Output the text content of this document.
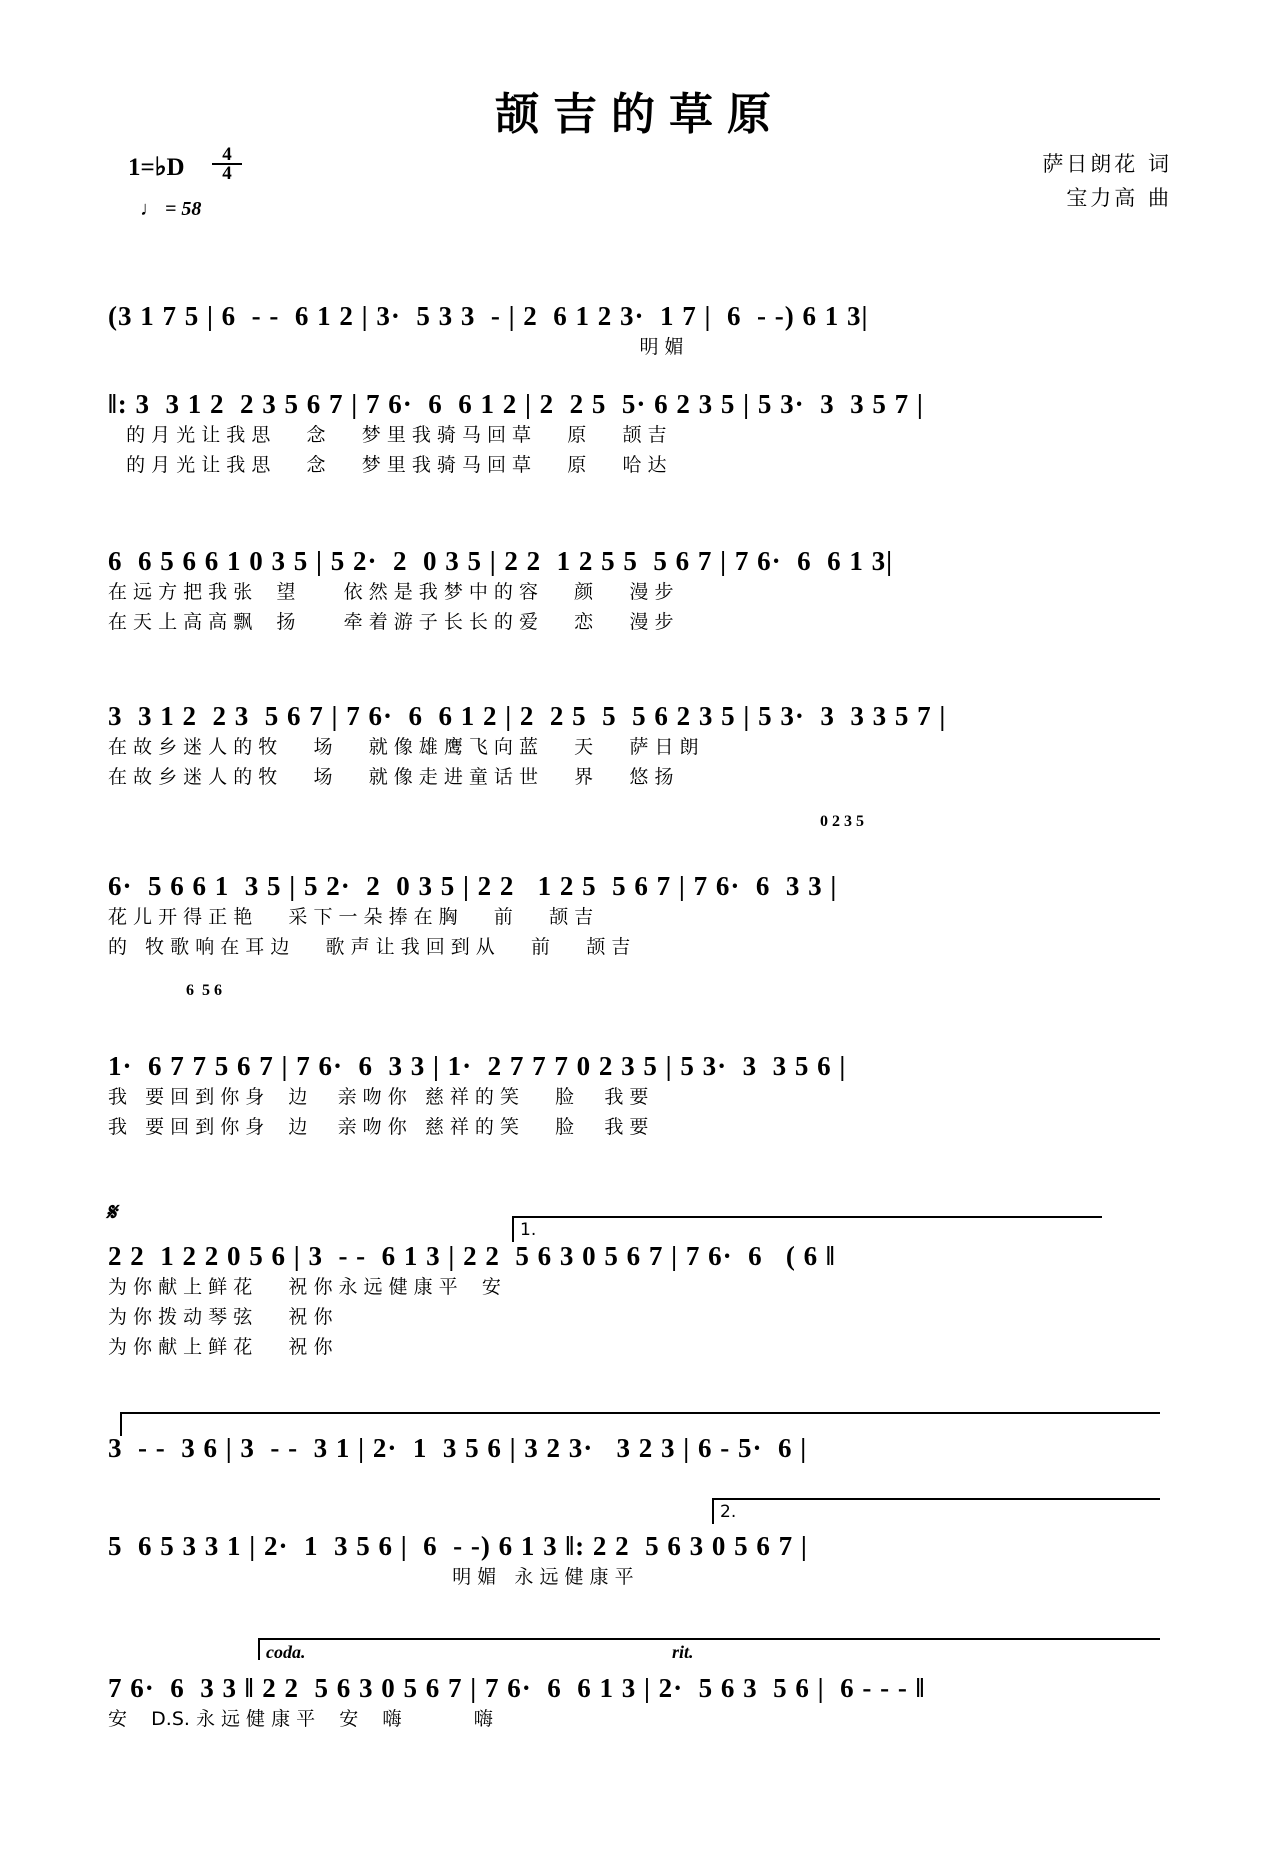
颉吉的草原
1=♭D $\frac{4}{4}$
♩ = 58
萨日朗花 词
宝力高 曲
(3 1 7 5 | 6  - -  6 1 2 | 3·  5 3 3  - | 2  6 1 2 3·  1 7 |  6  - -) 6 1 3|
明 媚
‖: 3  3 1 2  2 3 5 6 7 | 7 6·  6  6 1 2 | 2  2 5  5· 6 2 3 5 | 5 3·  3  3 5 7 |
的 月 光 让 我 思      念      梦 里 我 骑 马 回 草      原      颉 吉
的 月 光 让 我 思      念      梦 里 我 骑 马 回 草      原      哈 达
6  6 5 6 6 1 0 3 5 | 5 2·  2  0 3 5 | 2 2  1 2 5 5  5 6 7 | 7 6·  6  6 1 3|
在 远 方 把 我 张    望        依 然 是 我 梦 中 的 容      颜      漫 步
在 天 上 高 高 飘    扬        牵 着 游 子 长 长 的 爱      恋      漫 步
3  3 1 2  2 3  5 6 7 | 7 6·  6  6 1 2 | 2  2 5  5  5 6 2 3 5 | 5 3·  3  3 3 5 7 |
在 故 乡 迷 人 的 牧      场      就 像 雄 鹰 飞 向 蓝      天      萨 日 朗
在 故 乡 迷 人 的 牧      场      就 像 走 进 童 话 世      界      悠 扬
0 2 3 5
6·  5 6 6 1  3 5 | 5 2·  2  0 3 5 | 2 2   1 2 5  5 6 7 | 7 6·  6  3 3 |
花 儿 开 得 正 艳      采 下 一 朵 捧 在 胸      前      颉 吉
的   牧 歌 响 在 耳 边      歌 声 让 我 回 到 从      前      颉 吉
6  5 6
1·  6 7 7 5 6 7 | 7 6·  6  3 3 | 1·  2 7 7 7 0 2 3 5 | 5 3·  3  3 5 6 |
我   要 回 到 你 身    边     亲 吻 你   慈 祥 的 笑      脸     我 要
我   要 回 到 你 身    边     亲 吻 你   慈 祥 的 笑      脸     我 要
𝄋
1.
2 2  1 2 2 0 5 6 | 3  - -  6 1 3 | 2 2  5 6 3 0 5 6 7 | 7 6·  6   ( 6 ‖
为 你 献 上 鲜 花      祝 你 永 远 健 康 平    安
为 你 拨 动 琴 弦      祝 你
为 你 献 上 鲜 花      祝 你
3  - -  3 6 | 3  - -  3 1 | 2·  1  3 5 6 | 3 2 3·   3 2 3 | 6 - 5·  6 |
2.
5  6 5 3 3 1 | 2·  1  3 5 6 |  6  - -) 6 1 3 ‖: 2 2  5 6 3 0 5 6 7 |
明 媚   永 远 健 康 平
coda.	rit.
7 6·  6  3 3 ‖ 2 2  5 6 3 0 5 6 7 | 7 6·  6  6 1 3 | 2·  5 6 3  5 6 |  6 - - - ‖
安    D.S. 永 远 健 康 平    安    嗨            嗨
